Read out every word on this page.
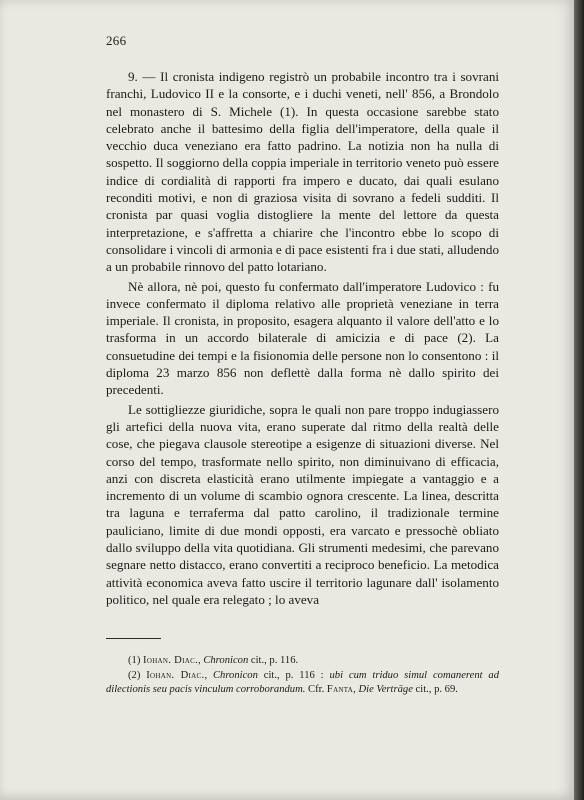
266

9. — Il cronista indigeno registrò un probabile incontro tra i sovrani franchi, Ludovico II e la consorte, e i duchi veneti, nell' 856, a Brondolo nel monastero di S. Michele (1). In questa occasione sarebbe stato celebrato anche il battesimo della figlia dell'imperatore, della quale il vecchio duca veneziano era fatto padrino. La notizia non ha nulla di sospetto. Il soggiorno della coppia imperiale in territorio veneto può essere indice di cordialità di rapporti fra impero e ducato, dai quali esulano reconditi motivi, e non di graziosa visita di sovrano a fedeli sudditi. Il cronista par quasi voglia distogliere la mente del lettore da questa interpretazione, e s'affretta a chiarire che l'incontro ebbe lo scopo di consolidare i vincoli di armonia e di pace esistenti fra i due stati, alludendo a un probabile rinnovo del patto lotariano.

Nè allora, nè poi, questo fu confermato dall'imperatore Ludovico : fu invece confermato il diploma relativo alle proprietà veneziane in terra imperiale. Il cronista, in proposito, esagera alquanto il valore dell'atto e lo trasforma in un accordo bilaterale di amicizia e di pace (2). La consuetudine dei tempi e la fisionomia delle persone non lo consentono : il diploma 23 marzo 856 non deflettè dalla forma nè dallo spirito dei precedenti.

Le sottigliezze giuridiche, sopra le quali non pare troppo indugiassero gli artefici della nuova vita, erano superate dal ritmo della realtà delle cose, che piegava clausole stereotipe a esigenze di situazioni diverse. Nel corso del tempo, trasformate nello spirito, non diminuivano di efficacia, anzi con discreta elasticità erano utilmente impiegate a vantaggio e a incremento di un volume di scambio ognora crescente. La linea, descritta tra laguna e terraferma dal patto carolino, il tradizionale termine pauliciano, limite di due mondi opposti, era varcato e pressochè obliato dallo sviluppo della vita quotidiana. Gli strumenti medesimi, che parevano segnare netto distacco, erano convertiti a reciproco beneficio. La metodica attività economica aveva fatto uscire il territorio lagunare dall' isolamento politico, nel quale era relegato ; lo aveva

(1) Iohan. Diac., Chronicon cit., p. 116.

(2) Iohan. Diac., Chronicon cit., p. 116 : ubi cum triduo simul comanerent ad dilectionis seu pacis vinculum corroborandum. Cfr. Fanta, Die Verträge cit., p. 69.
